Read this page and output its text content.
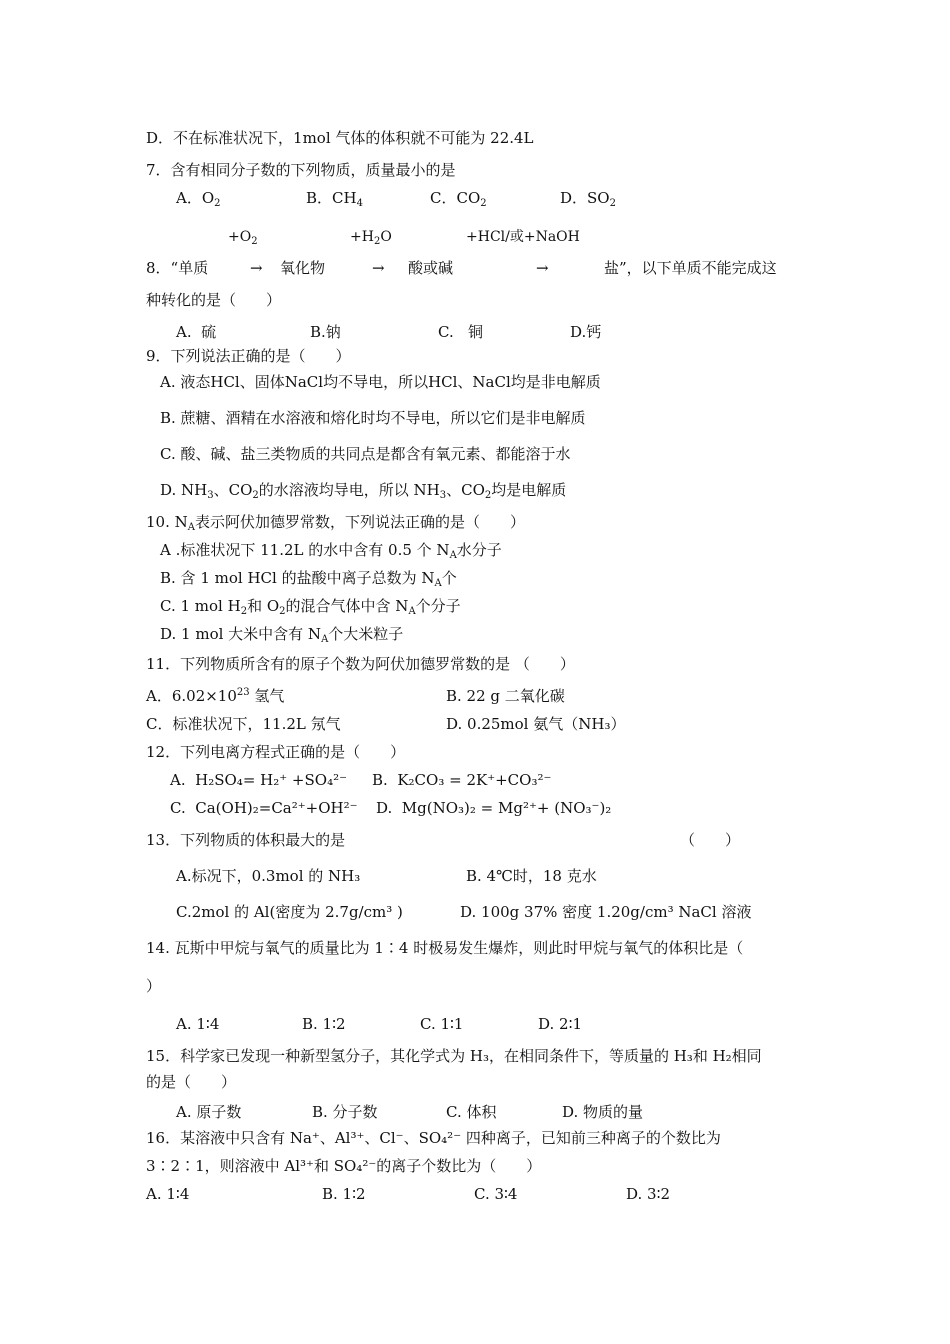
D．不在标准状况下，1mol 气体的体积就不可能为 22.4L
7．含有相同分子数的下列物质，质量最小的是
A．$O_2$	B．$CH_4$	C．$CO_2$	D．$SO_2$
$+O_2$	$+H_2O$	+HCl/或+NaOH
8．“单质	→ 氧化物	→ 酸或碱	→	盐”，以下单质不能完成这
种转化的是（　　）
A.  硫	B.钠	C.   铜	D.钙
9．下列说法正确的是（　　）
A. 液态HCl、固体NaCl均不导电，所以HCl、NaCl均是非电解质
B. 蔗糖、酒精在水溶液和熔化时均不导电，所以它们是非电解质
C. 酸、碱、盐三类物质的共同点是都含有氧元素、都能溶于水
D. $NH_3$、$CO_2$的水溶液均导电，所以 $NH_3$、$CO_2$均是电解质
10. $N_A$表示阿伏加德罗常数，下列说法正确的是（　　）
A .标准状况下 11.2L 的水中含有 0.5 个 $N_A$水分子
B. 含 1 mol HCl 的盐酸中离子总数为 $N_A$个
C. 1 mol $H_2$和 $O_2$的混合气体中含 $N_A$个分子
D. 1 mol 大米中含有 $N_A$个大米粒子
11．下列物质所含有的原子个数为阿伏加德罗常数的是 （　　）
A．$6.02\times 10^{23}$ 氢气	B. 22 g 二氧化碳
C．标准状况下，11.2L 氖气	D. 0.25mol 氨气（NH₃）
12．下列电离方程式正确的是（　　）
A.  H₂SO₄= H₂⁺ +SO₄²⁻ B.  K₂CO₃ = 2K⁺+CO₃²⁻
C.  Ca(OH)₂=Ca²⁺+OH²⁻ D.  Mg(NO₃)₂ = Mg²⁺+ (NO₃⁻)₂
13．下列物质的体积最大的是	（　　）
A.标况下，0.3mol 的 NH₃	B. 4℃时，18 克水
C.2mol 的 Al(密度为 2.7g/cm³ )	D. 100g 37% 密度 1.20g/cm³ NaCl 溶液
14. 瓦斯中甲烷与氧气的质量比为 1∶4 时极易发生爆炸，则此时甲烷与氧气的体积比是（
）
A. 1∶4	B. 1∶2	C. 1∶1	D. 2∶1
15．科学家已发现一种新型氢分子，其化学式为 H₃，在相同条件下，等质量的 H₃和 H₂相同
的是（　　）
A. 原子数	B. 分子数	C. 体积	D. 物质的量
16．某溶液中只含有 Na⁺、Al³⁺、Cl⁻、SO₄²⁻ 四种离子，已知前三种离子的个数比为
3∶2∶1，则溶液中 Al³⁺和 SO₄²⁻的离子个数比为（　　）
A. 1∶4	B. 1∶2	C. 3∶4	D. 3∶2
